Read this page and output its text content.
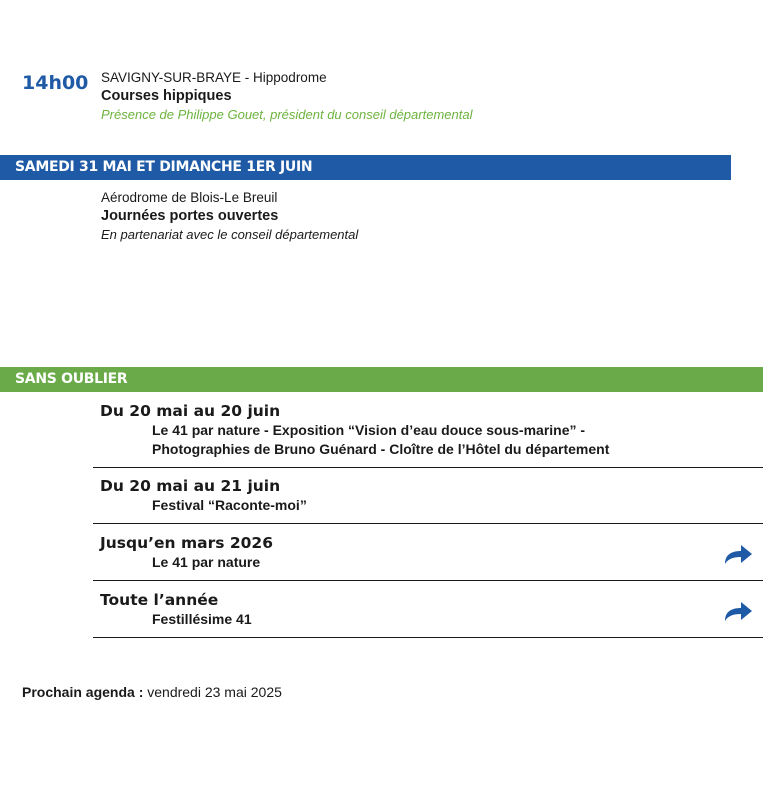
14h00 SAVIGNY-SUR-BRAYE - Hippodrome
Courses hippiques
Présence de Philippe Gouet, président du conseil départemental
SAMEDI 31 MAI ET DIMANCHE 1ER JUIN
Aérodrome de Blois-Le Breuil
Journées portes ouvertes
En partenariat avec le conseil départemental
SANS OUBLIER
Du 20 mai au 20 juin
Le 41 par nature - Exposition “Vision d’eau douce sous-marine” -
Photographies de Bruno Guénard - Cloître de l’Hôtel du département
Du 20 mai au 21 juin
Festival “Raconte-moi”
Jusqu’en mars 2026
Le 41 par nature
Toute l’année
Festillésime 41
Prochain agenda : vendredi 23 mai 2025
